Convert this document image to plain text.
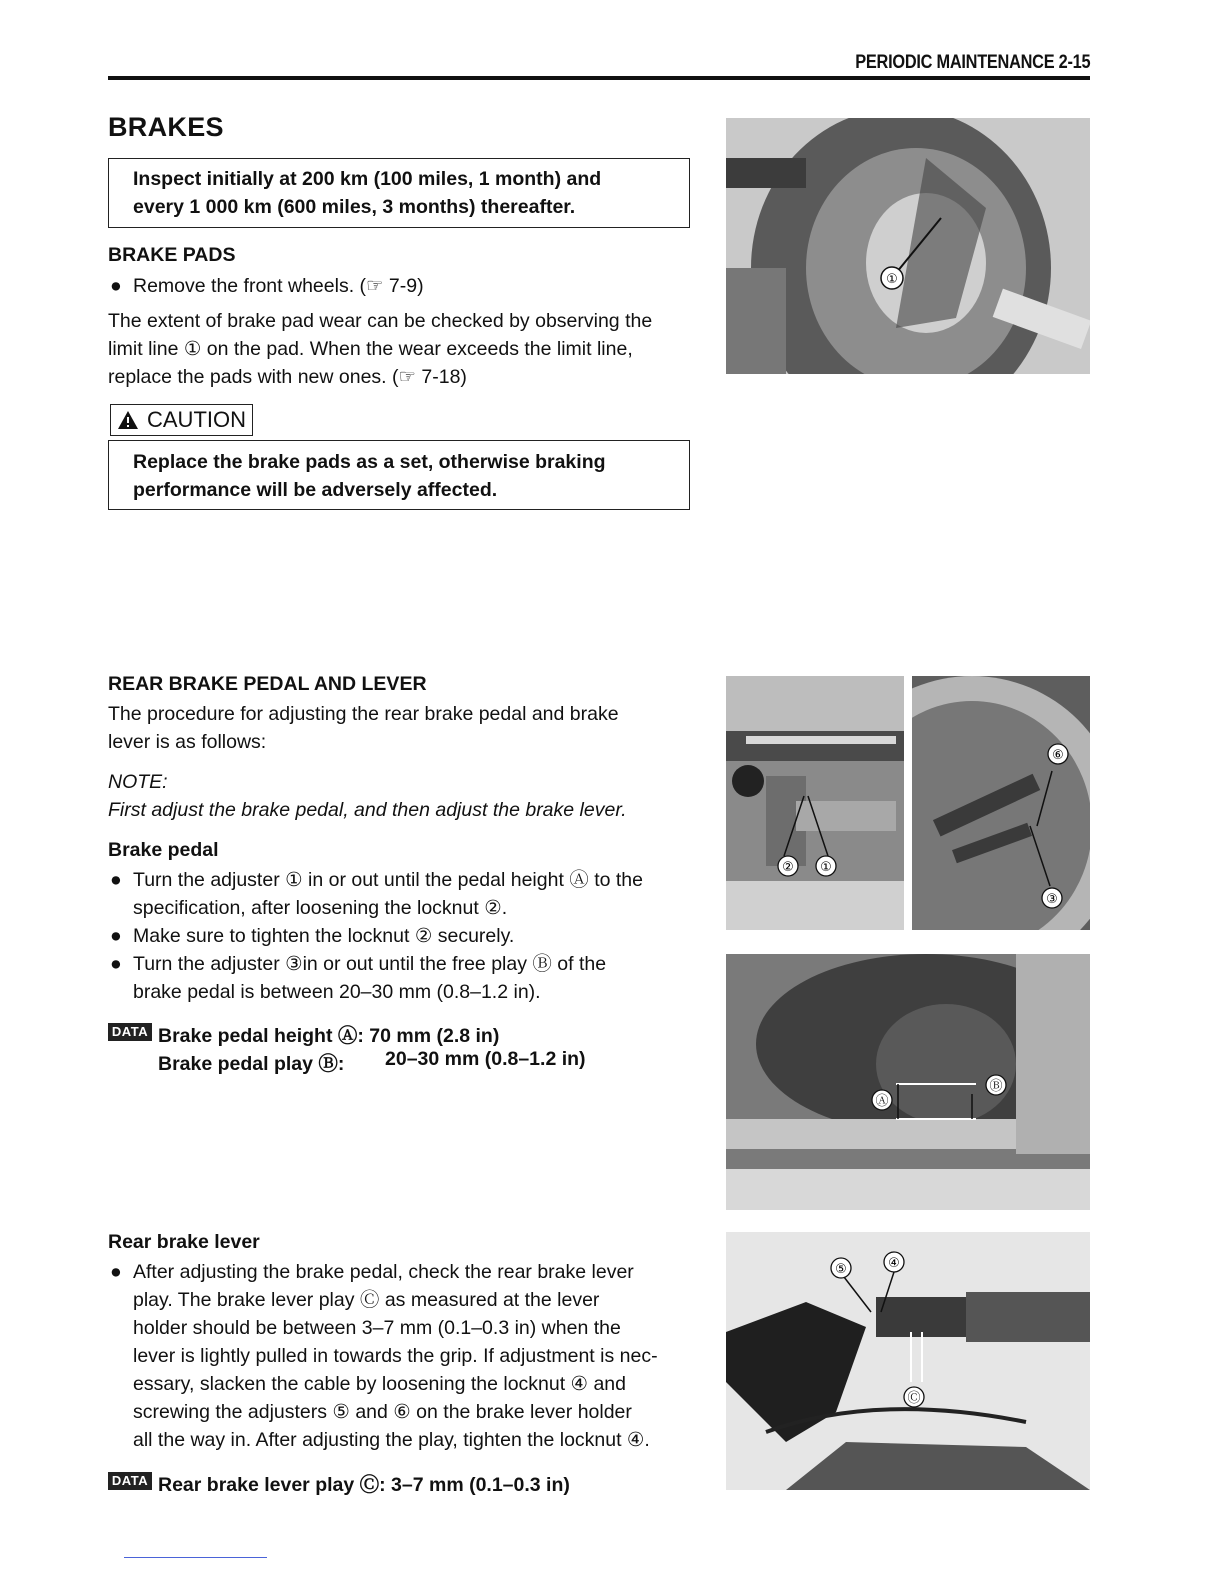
PERIODIC MAINTENANCE 2-15
BRAKES
Inspect initially at 200 km (100 miles, 1 month) and
every 1 000 km (600 miles, 3 months) thereafter.
BRAKE PADS
● Remove the front wheels. (☞ 7-9)

The extent of brake pad wear can be checked by observing the

limit line ① on the pad. When the wear exceeds the limit line,

replace the pads with new ones. (☞ 7-18)

CAUTION
Replace the brake pads as a set, otherwise braking
performance will be adversely affected.
①
REAR BRAKE PEDAL AND LEVER

The procedure for adjusting the rear brake pedal and brake

lever is as follows:

NOTE:
First adjust the brake pedal, and then adjust the brake lever.
Brake pedal
● Turn the adjuster ① in or out until the pedal height Ⓐ to the
specification, after loosening the locknut ②.
● Make sure to tighten the locknut ② securely.
● Turn the adjuster ③in or out until the free play Ⓑ of the
brake pedal is between 20–30 mm (0.8–1.2 in).
DATA Brake pedal height Ⓐ: 70 mm (2.8 in)
Brake pedal play Ⓑ: 20–30 mm (0.8–1.2 in)
② ①
⑥
③
Ⓐ
Ⓑ
Rear brake lever
● After adjusting the brake pedal, check the rear brake lever
play. The brake lever play Ⓒ as measured at the lever
holder should be between 3–7 mm (0.1–0.3 in) when the
lever is lightly pulled in towards the grip. If adjustment is nec-
essary, slacken the cable by loosening the locknut ④ and
screwing the adjusters ⑤ and ⑥ on the brake lever holder
all the way in. After adjusting the play, tighten the locknut ④.
DATA Rear brake lever play Ⓒ: 3–7 mm (0.1–0.3 in)
⑤	④
Ⓒ
